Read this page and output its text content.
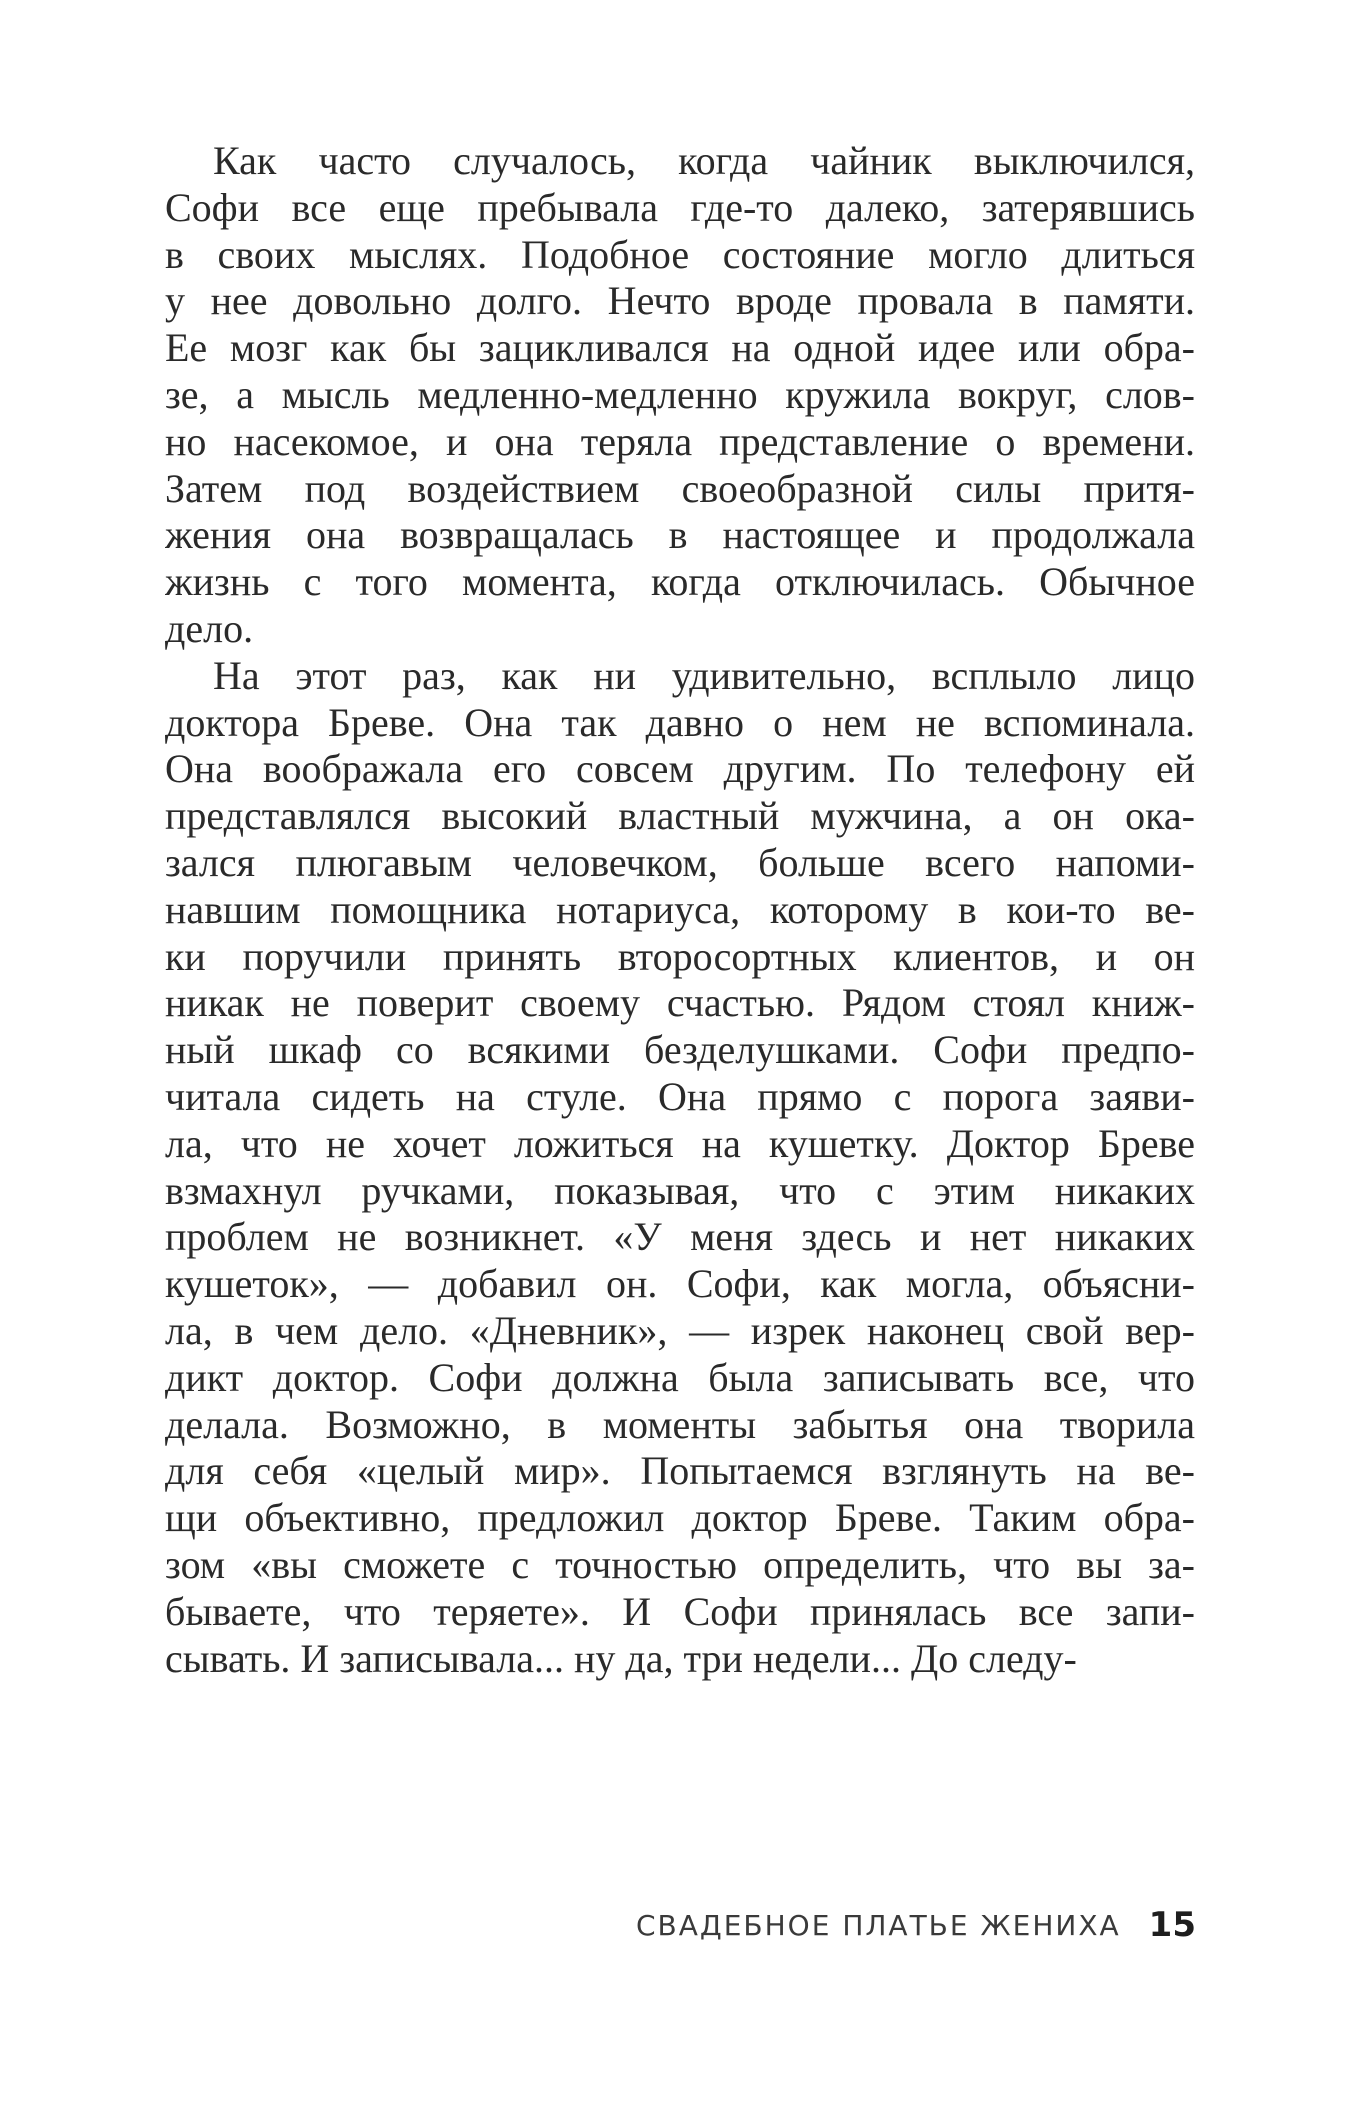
Как часто случалось, когда чайник выключился,
Софи все еще пребывала где-то далеко, затерявшись
в своих мыслях. Подобное состояние могло длиться
у нее довольно долго. Нечто вроде провала в памяти.
Ее мозг как бы зацикливался на одной идее или обра-
зе, а мысль медленно-медленно кружила вокруг, слов-
но насекомое, и она теряла представление о времени.
Затем под воздействием своеобразной силы притя-
жения она возвращалась в настоящее и продолжала
жизнь с того момента, когда отключилась. Обычное
дело.
На этот раз, как ни удивительно, всплыло лицо
доктора Бреве. Она так давно о нем не вспоминала.
Она воображала его совсем другим. По телефону ей
представлялся высокий властный мужчина, а он ока-
зался плюгавым человечком, больше всего напоми-
навшим помощника нотариуса, которому в кои-то ве-
ки поручили принять второсортных клиентов, и он
никак не поверит своему счастью. Рядом стоял книж-
ный шкаф со всякими безделушками. Софи предпо-
читала сидеть на стуле. Она прямо с порога заяви-
ла, что не хочет ложиться на кушетку. Доктор Бреве
взмахнул ручками, показывая, что с этим никаких
проблем не возникнет. «У меня здесь и нет никаких
кушеток», — добавил он. Софи, как могла, объясни-
ла, в чем дело. «Дневник», — изрек наконец свой вер-
дикт доктор. Софи должна была записывать все, что
делала. Возможно, в моменты забытья она творила
для себя «целый мир». Попытаемся взглянуть на ве-
щи объективно, предложил доктор Бреве. Таким обра-
зом «вы сможете с точностью определить, что вы за-
бываете, что теряете». И Софи принялась все запи-
сывать. И записывала... ну да, три недели... До следу-
СВАДЕБНОЕ ПЛАТЬЕ ЖЕНИХА 15
